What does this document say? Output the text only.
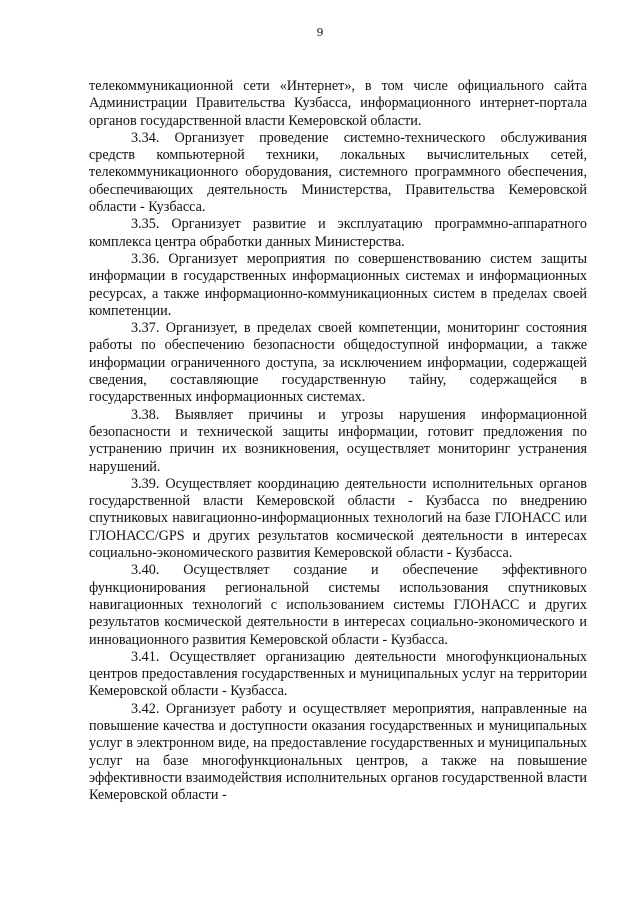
9

телекоммуникационной сети «Интернет», в том числе официального сайта Администрации Правительства Кузбасса, информационного интернет-портала органов государственной власти Кемеровской области.

3.34. Организует проведение системно-технического обслуживания средств компьютерной техники, локальных вычислительных сетей, телекоммуникационного оборудования, системного программного обеспечения, обеспечивающих деятельность Министерства, Правительства Кемеровской области - Кузбасса.

3.35. Организует развитие и эксплуатацию программно-аппаратного комплекса центра обработки данных Министерства.

3.36. Организует мероприятия по совершенствованию систем защиты информации в государственных информационных системах и информационных ресурсах, а также информационно-коммуникационных систем в пределах своей компетенции.

3.37. Организует, в пределах своей компетенции, мониторинг состояния работы по обеспечению безопасности общедоступной информации, а также информации ограниченного доступа, за исключением информации, содержащей сведения, составляющие государственную тайну, содержащейся в государственных информационных системах.

3.38. Выявляет причины и угрозы нарушения информационной безопасности и технической защиты информации, готовит предложения по устранению причин их возникновения, осуществляет мониторинг устранения нарушений.

3.39. Осуществляет координацию деятельности исполнительных органов государственной власти Кемеровской области - Кузбасса по внедрению спутниковых навигационно-информационных технологий на базе ГЛОНАСС или ГЛОНАСС/GPS и других результатов космической деятельности в интересах социально-экономического развития Кемеровской области - Кузбасса.

3.40. Осуществляет создание и обеспечение эффективного функционирования региональной системы использования спутниковых навигационных технологий с использованием системы ГЛОНАСС и других результатов космической деятельности в интересах социально-экономического и инновационного развития Кемеровской области - Кузбасса.

3.41. Осуществляет организацию деятельности многофункциональных центров предоставления государственных и муниципальных услуг на территории Кемеровской области - Кузбасса.

3.42. Организует работу и осуществляет мероприятия, направленные на повышение качества и доступности оказания государственных и муниципальных услуг в электронном виде, на предоставление государственных и муниципальных услуг на базе многофункциональных центров, а также на повышение эффективности взаимодействия исполнительных органов государственной власти Кемеровской области -
